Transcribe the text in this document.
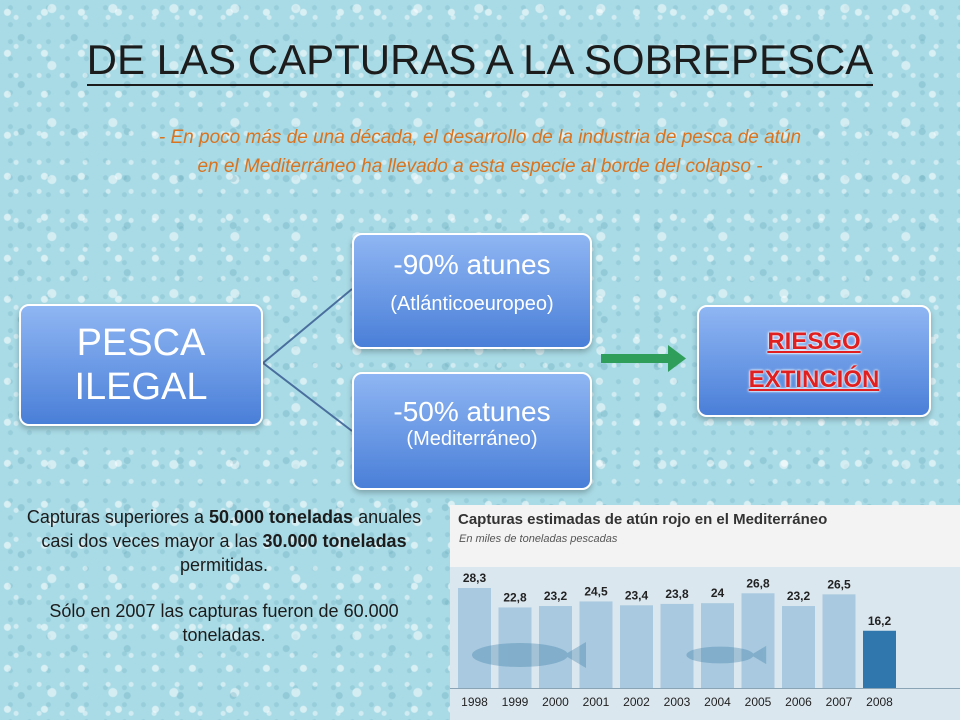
DE LAS CAPTURAS A LA SOBREPESCA
- En poco más de una década, el desarrollo de la industria de pesca de atún
en el Mediterráneo ha llevado a esta especie al borde del colapso -
PESCA
ILEGAL
-90% atunes
(Atlánticoeuropeo)
-50% atunes
(Mediterráneo)
RIESGO
EXTINCIÓN

Capturas superiores a 50.000 toneladas anuales casi dos veces mayor a las 30.000 toneladas permitidas.

Sólo en 2007 las capturas fueron de 60.000 toneladas.

28,3
1998
22,8
1999
23,2
2000
24,5
2001
23,4
2002
23,8
2003
24
2004
26,8
2005
23,2
2006
26,5
2007
16,2
2008
Capturas estimadas de atún rojo en el Mediterráneo
En miles de toneladas pescadas
